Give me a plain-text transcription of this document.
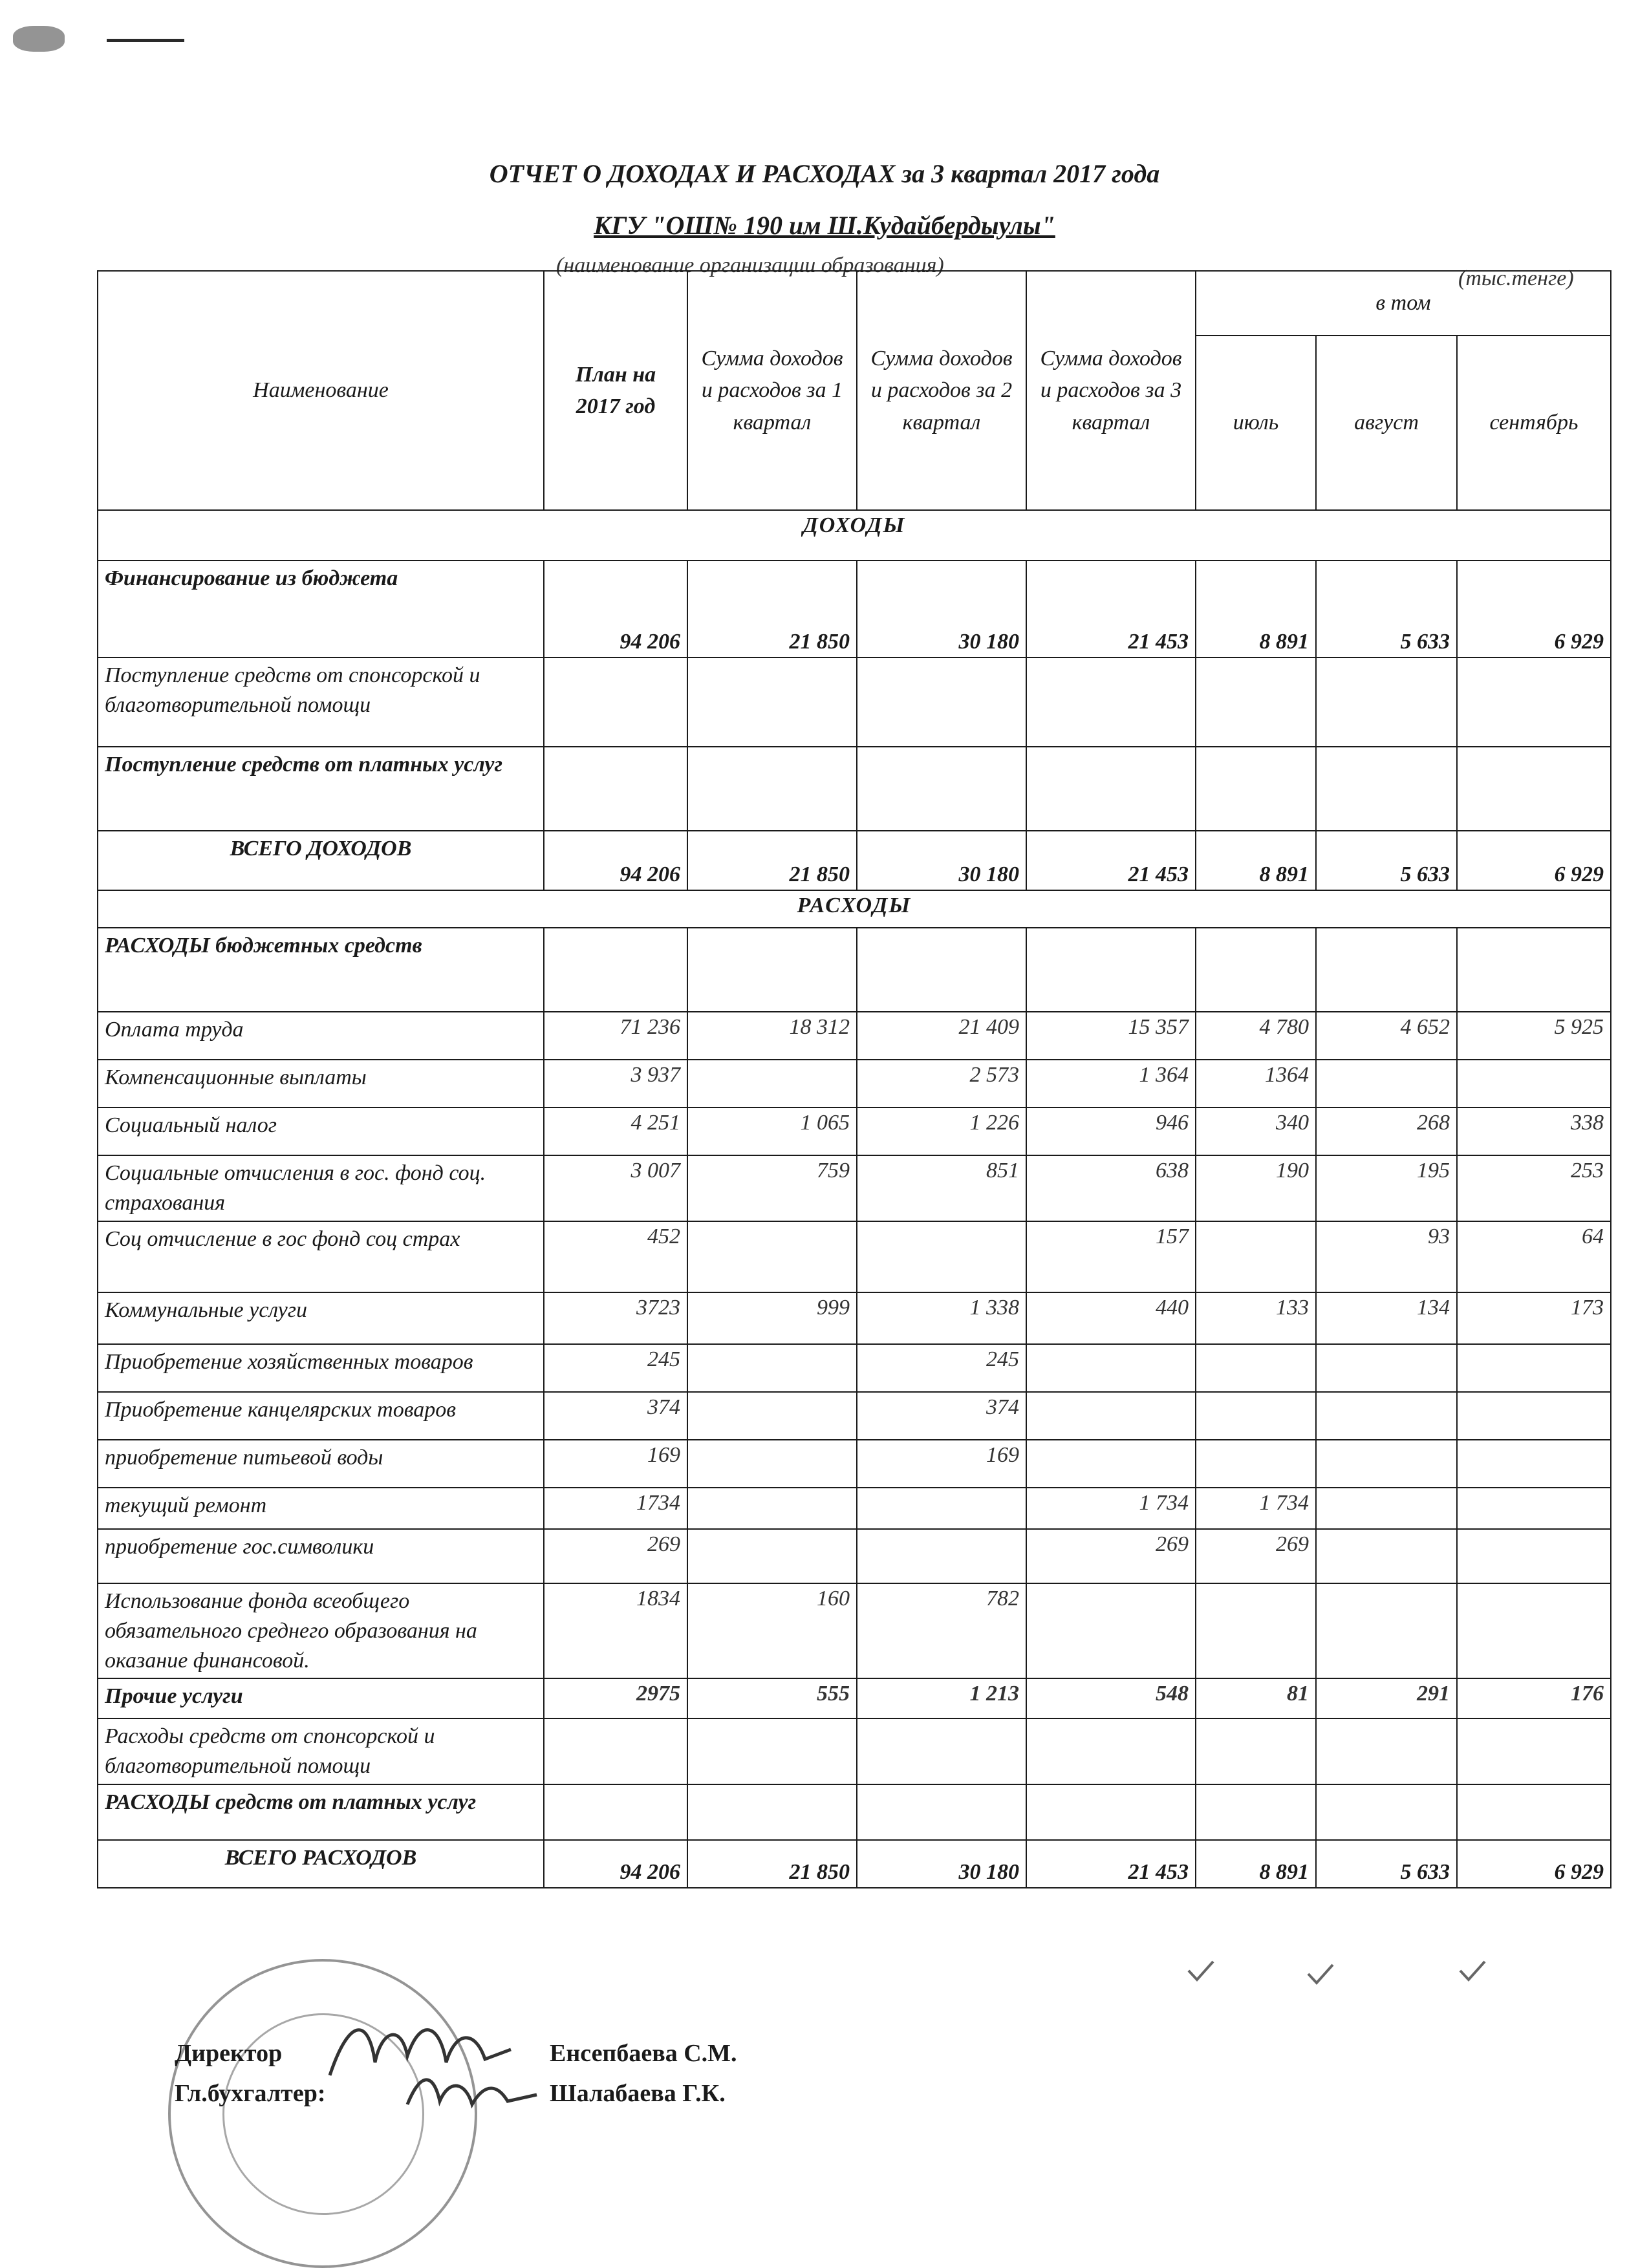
ОТЧЕТ О ДОХОДАХ И РАСХОДАХ за 3 квартал 2017 года
КГУ "ОШ№ 190 им Ш.Кудайбердыулы"
(наименование организации образования)
(тыс.тенге)
Наименование	План на 2017 год	Сумма доходов и расходов за 1 квартал	Сумма доходов и расходов за 2 квартал	Сумма доходов и расходов за 3 квартал	в том		
					июль	август	сентябрь
ДОХОДЫ							
Финансирование из бюджета	94 206	21 850	30 180	21 453	8 891	5 633	6 929
Поступление средств от спонсорской и благотворительной помощи							
Поступление средств от платных услуг							
ВСЕГО ДОХОДОВ	94 206	21 850	30 180	21 453	8 891	5 633	6 929
РАСХОДЫ							
РАСХОДЫ бюджетных средств							
Оплата труда	71 236	18 312	21 409	15 357	4 780	4 652	5 925
Компенсационные выплаты	3 937		2 573	1 364	1364		
Социальный налог	4 251	1 065	1 226	946	340	268	338
Социальные отчисления в гос. фонд соц. страхования	3 007	759	851	638	190	195	253
Соц отчисление в гос фонд соц страх	452			157		93	64
Коммунальные услуги	3723	999	1 338	440	133	134	173
Приобретение хозяйственных товаров	245		245				
Приобретение канцелярских товаров	374		374				
приобретение питьевой воды	169		169				
текущий ремонт	1734			1 734	1 734		
приобретение гос.символики	269			269	269		
Использование фонда всеобщего обязательного среднего образования на оказание финансовой.	1834	160	782				
Прочие услуги	2975	555	1 213	548	81	291	176
Расходы средств от спонсорской и благотворительной помощи							
РАСХОДЫ средств от платных услуг							
ВСЕГО РАСХОДОВ	94 206	21 850	30 180	21 453	8 891	5 633	6 929
Директор	Енсепбаева С.М.
Гл.бухгалтер:	Шалабаева Г.К.
